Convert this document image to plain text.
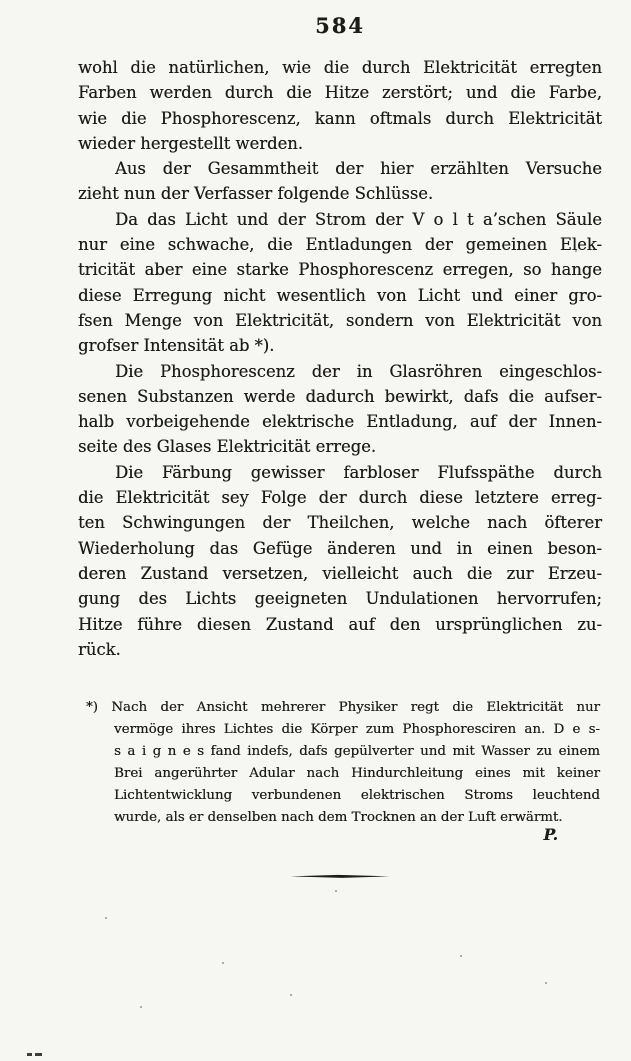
584
wohl die natürlichen, wie die durch Elektricität erregten
Farben werden durch die Hitze zerstört; und die Farbe,
wie die Phosphorescenz, kann oftmals durch Elektricität
wieder hergestellt werden.
Aus der Gesammtheit der hier erzählten Versuche
zieht nun der Verfasser folgende Schlüsse.
Da das Licht und der Strom der V o l t a’schen Säule
nur eine schwache, die Entladungen der gemeinen Elek-
tricität aber eine starke Phosphorescenz erregen, so hange
diese Erregung nicht wesentlich von Licht und einer gro-
fsen Menge von Elektricität, sondern von Elektricität von
grofser Intensität ab *).
Die Phosphorescenz der in Glasröhren eingeschlos-
senen Substanzen werde dadurch bewirkt, dafs die aufser-
halb vorbeigehende elektrische Entladung, auf der Innen-
seite des Glases Elektricität errege.
Die Färbung gewisser farbloser Flufsspäthe durch
die Elektricität sey Folge der durch diese letztere erreg-
ten Schwingungen der Theilchen, welche nach öfterer
Wiederholung das Gefüge änderen und in einen beson-
deren Zustand versetzen, vielleicht auch die zur Erzeu-
gung des Lichts geeigneten Undulationen hervorrufen;
Hitze führe diesen Zustand auf den ursprünglichen zu-
rück.
*) Nach der Ansicht mehrerer Physiker regt die Elektricität nur
vermöge ihres Lichtes die Körper zum Phosphoresciren an. D e s-
s a i g n e s fand indefs, dafs gepülverter und mit Wasser zu einem
Brei angerührter Adular nach Hindurchleitung eines mit keiner
Lichtentwicklung verbundenen elektrischen Stroms leuchtend
wurde, als er denselben nach dem Trocknen an der Luft erwärmt.
P.
